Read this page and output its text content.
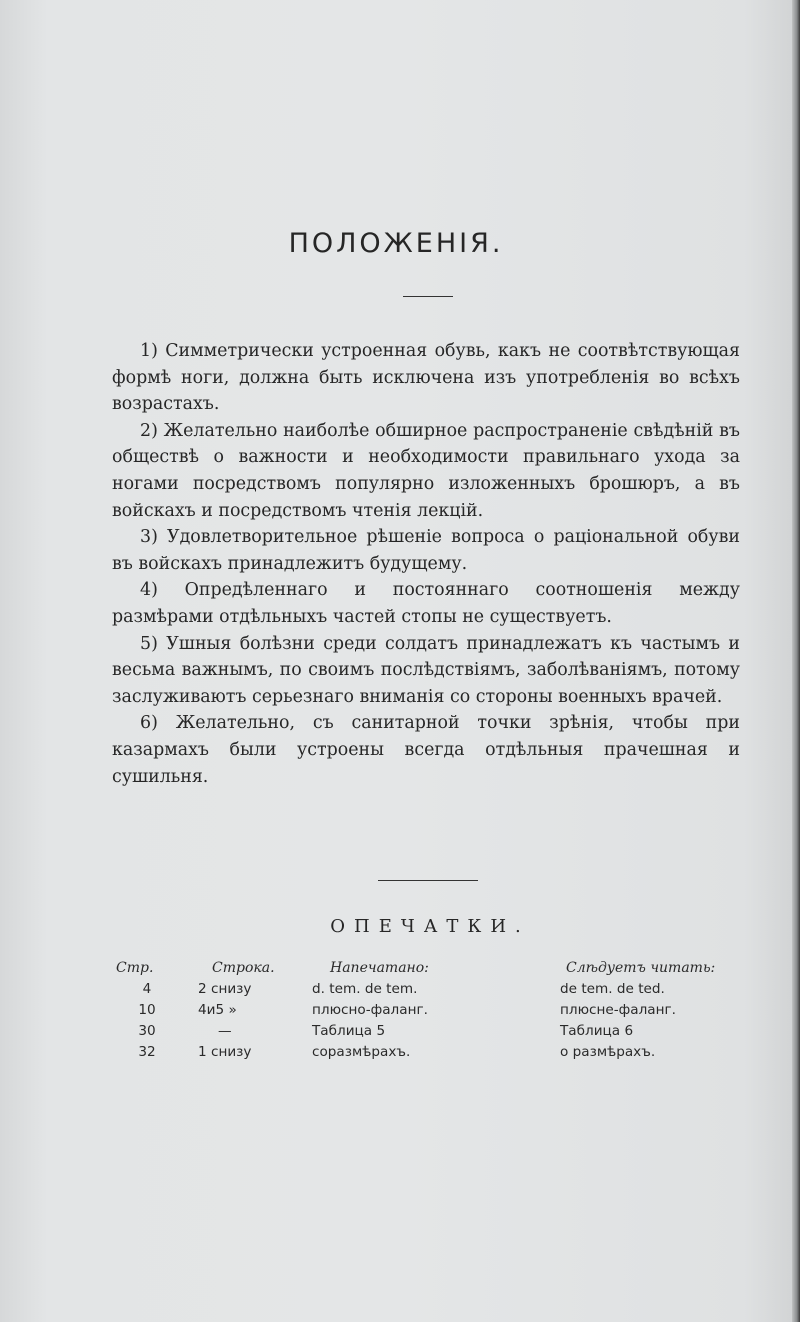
ПОЛОЖЕНІЯ.

1) Симметрически устроенная обувь, какъ не соотвѣтствующая формѣ ноги, должна быть исключена изъ употребленія во всѣхъ возрастахъ.

2) Желательно наиболѣе обширное распространеніе свѣдѣній въ обществѣ о важности и необходимости правильнаго ухода за ногами посредствомъ популярно изложенныхъ брошюръ, а въ войскахъ и посредствомъ чтенія лекцій.

3) Удовлетворительное рѣшеніе вопроса о раціональной обуви въ войскахъ принадлежитъ будущему.

4) Опредѣленнаго и постояннаго соотношенія между размѣрами отдѣльныхъ частей стопы не существуетъ.

5) Ушныя болѣзни среди солдатъ принадлежатъ къ частымъ и весьма важнымъ, по своимъ послѣдствіямъ, заболѣваніямъ, потому заслуживаютъ серьезнаго вниманія со стороны военныхъ врачей.

6) Желательно, съ санитарной точки зрѣнія, чтобы при казармахъ были устроены всегда отдѣльныя прачешная и сушильня.

ОПЕЧАТКИ.
Стр.	Строка.	Напечатано:	Слѣдуетъ читать:
4	2 снизу	d. tem. de tem.	de tem. de ted.
10	4и5 »	плюсно-фаланг.	плюсне-фаланг.
30	—	Таблица 5	Таблица 6
32	1 снизу	соразмѣрахъ.	о размѣрахъ.
